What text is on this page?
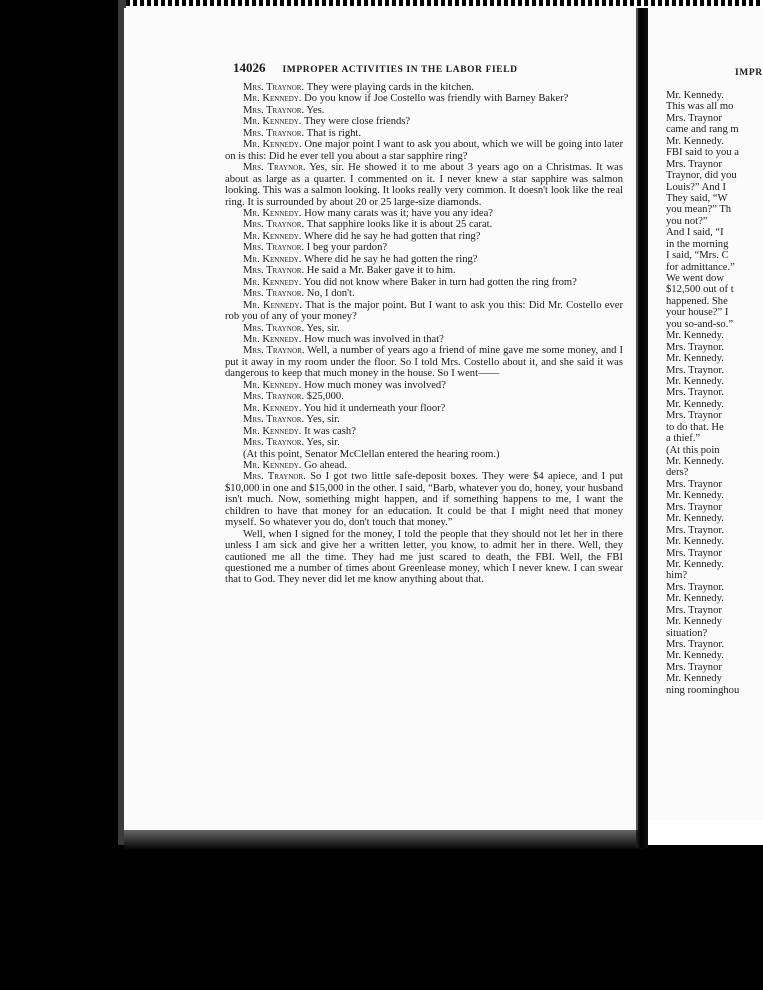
14026 IMPROPER ACTIVITIES IN THE LABOR FIELD

Mrs. Traynor. They were playing cards in the kitchen.

Mr. Kennedy. Do you know if Joe Costello was friendly with Barney Baker?

Mrs. Traynor. Yes.

Mr. Kennedy. They were close friends?

Mrs. Traynor. That is right.

Mr. Kennedy. One major point I want to ask you about, which we will be going into later on is this: Did he ever tell you about a star sapphire ring?

Mrs. Traynor. Yes, sir. He showed it to me about 3 years ago on a Christmas. It was about as large as a quarter. I commented on it. I never knew a star sapphire was salmon looking. This was a salmon looking. It looks really very common. It doesn't look like the real ring. It is surrounded by about 20 or 25 large-size diamonds.

Mr. Kennedy. How many carats was it; have you any idea?

Mrs. Traynor. That sapphire looks like it is about 25 carat.

Mr. Kennedy. Where did he say he had gotten that ring?

Mrs. Traynor. I beg your pardon?

Mr. Kennedy. Where did he say he had gotten the ring?

Mrs. Traynor. He said a Mr. Baker gave it to him.

Mr. Kennedy. You did not know where Baker in turn had gotten the ring from?

Mrs. Traynor. No, I don't.

Mr. Kennedy. That is the major point. But I want to ask you this: Did Mr. Costello ever rob you of any of your money?

Mrs. Traynor. Yes, sir.

Mr. Kennedy. How much was involved in that?

Mrs. Traynor. Well, a number of years ago a friend of mine gave me some money, and I put it away in my room under the floor. So I told Mrs. Costello about it, and she said it was dangerous to keep that much money in the house. So I went——

Mr. Kennedy. How much money was involved?

Mrs. Traynor. $25,000.

Mr. Kennedy. You hid it underneath your floor?

Mrs. Traynor. Yes, sir.

Mr. Kennedy. It was cash?

Mrs. Traynor. Yes, sir.

(At this point, Senator McClellan entered the hearing room.)

Mr. Kennedy. Go ahead.

Mrs. Traynor. So I got two little safe-deposit boxes. They were $4 apiece, and I put $10,000 in one and $15,000 in the other. I said, “Barb, whatever you do, honey, your husband isn't much. Now, something might happen, and if something happens to me, I want the children to have that money for an education. It could be that I might need that money myself. So whatever you do, don't touch that money.”

Well, when I signed for the money, I told the people that they should not let her in there unless I am sick and give her a written letter, you know, to admit her in there. Well, they cautioned me all the time. They had me just scared to death, the FBI. Well, the FBI questioned me a number of times about Greenlease money, which I never knew. I can swear that to God. They never did let me know anything about that.

IMPR
Mr. Kennedy.
This was all mo
Mrs. Traynor
came and rang m
Mr. Kennedy.
FBI said to you a
Mrs. Traynor
Traynor, did you
Louis?” And I
They said, “W
you mean?” Th
you not?”
And I said, “I
in the morning
I said, “Mrs. C
for admittance.”
We went dow
$12,500 out of t
happened. She
your house?” I
you so-and-so.”
Mr. Kennedy.
Mrs. Traynor.
Mr. Kennedy.
Mrs. Traynor.
Mr. Kennedy.
Mrs. Traynor.
Mr. Kennedy.
Mrs. Traynor
to do that. He
a thief.”
(At this poin
Mr. Kennedy.
ders?
Mrs. Traynor
Mr. Kennedy.
Mrs. Traynor
Mr. Kennedy.
Mrs. Traynor.
Mr. Kennedy.
Mrs. Traynor
Mr. Kennedy.
him?
Mrs. Traynor.
Mr. Kennedy.
Mrs. Traynor
Mr. Kennedy
situation?
Mrs. Traynor.
Mr. Kennedy.
Mrs. Traynor
Mr. Kennedy
ning roominghou
